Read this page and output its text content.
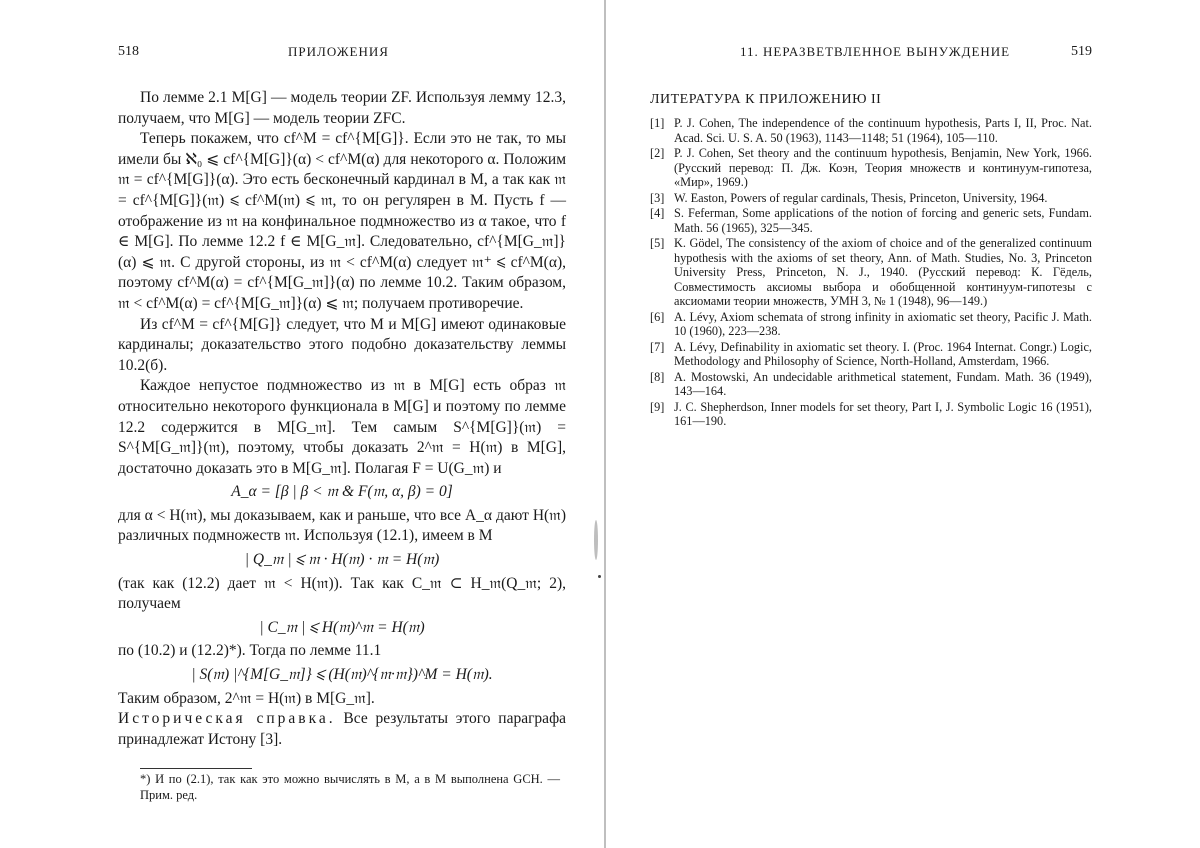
518	ПРИЛОЖЕНИЯ

По лемме 2.1 M[G] — модель теории ZF. Используя лемму 12.3, получаем, что M[G] — модель теории ZFC.

Теперь покажем, что cf^M = cf^{M[G]}. Если это не так, то мы имели бы ℵ₀ ⩽ cf^{M[G]}(α) < cf^M(α) для некоторого α. Положим 𝔪 = cf^{M[G]}(α). Это есть бесконечный кардинал в M, а так как 𝔪 = cf^{M[G]}(𝔪) ⩽ cf^M(𝔪) ⩽ 𝔪, то он регулярен в M. Пусть f — отображение из 𝔪 на конфинальное подмножество из α такое, что f ∈ M[G]. По лемме 12.2 f ∈ M[G_𝔪]. Следовательно, cf^{M[G_𝔪]}(α) ⩽ 𝔪. С другой стороны, из 𝔪 < cf^M(α) следует 𝔪⁺ ⩽ cf^M(α), поэтому cf^M(α) = cf^{M[G_𝔪]}(α) по лемме 10.2. Таким образом, 𝔪 < cf^M(α) = cf^{M[G_𝔪]}(α) ⩽ 𝔪; получаем противоречие.

Из cf^M = cf^{M[G]} следует, что M и M[G] имеют одинаковые кардиналы; доказательство этого подобно доказательству леммы 10.2(б).

Каждое непустое подмножество из 𝔪 в M[G] есть образ 𝔪 относительно некоторого функционала в M[G] и поэтому по лемме 12.2 содержится в M[G_𝔪]. Тем самым S^{M[G]}(𝔪) = S^{M[G_𝔪]}(𝔪), поэтому, чтобы доказать 2^𝔪 = H(𝔪) в M[G], достаточно доказать это в M[G_𝔪]. Полагая F = U(G_𝔪) и

A_α = [β | β < 𝔪 & F(𝔪, α, β) = 0]

для α < H(𝔪), мы доказываем, как и раньше, что все A_α дают H(𝔪) различных подмножеств 𝔪. Используя (12.1), имеем в M

| Q_𝔪 | ⩽ 𝔪 · H(𝔪) · 𝔪 = H(𝔪)

(так как (12.2) дает 𝔪 < H(𝔪)). Так как C_𝔪 ⊂ H_𝔪(Q_𝔪; 2), получаем

| C_𝔪 | ⩽ H(𝔪)^𝔪 = H(𝔪)

по (10.2) и (12.2)*). Тогда по лемме 11.1

| S(𝔪) |^{M[G_𝔪]} ⩽ (H(𝔪)^{𝔪·𝔪})^M = H(𝔪).

Таким образом, 2^𝔪 = H(𝔪) в M[G_𝔪].

Историческая справка. Все результаты этого параграфа принадлежат Истону [3].

*) И по (2.1), так как это можно вычислять в M, а в M выполнена GCH. — Прим. ред.
11. НЕРАЗВЕТВЛЕННОЕ ВЫНУЖДЕНИЕ	519
ЛИТЕРАТУРА К ПРИЛОЖЕНИЮ II
[1] P. J. Cohen, The independence of the continuum hypothesis, Parts I, II, Proc. Nat. Acad. Sci. U. S. A. 50 (1963), 1143—1148; 51 (1964), 105—110.
[2] P. J. Cohen, Set theory and the continuum hypothesis, Benjamin, New York, 1966. (Русский перевод: П. Дж. Коэн, Теория множеств и континуум-гипотеза, «Мир», 1969.)
[3] W. Easton, Powers of regular cardinals, Thesis, Princeton, University, 1964.
[4] S. Feferman, Some applications of the notion of forcing and generic sets, Fundam. Math. 56 (1965), 325—345.
[5] K. Gödel, The consistency of the axiom of choice and of the generalized continuum hypothesis with the axioms of set theory, Ann. of Math. Studies, No. 3, Princeton University Press, Princeton, N. J., 1940. (Русский перевод: К. Гёдель, Совместимость аксиомы выбора и обобщенной континуум-гипотезы с аксиомами теории множеств, УМН 3, № 1 (1948), 96—149.)
[6] A. Lévy, Axiom schemata of strong infinity in axiomatic set theory, Pacific J. Math. 10 (1960), 223—238.
[7] A. Lévy, Definability in axiomatic set theory. I. (Proc. 1964 Internat. Congr.) Logic, Methodology and Philosophy of Science, North-Holland, Amsterdam, 1966.
[8] A. Mostowski, An undecidable arithmetical statement, Fundam. Math. 36 (1949), 143—164.
[9] J. C. Shepherdson, Inner models for set theory, Part I, J. Symbolic Logic 16 (1951), 161—190.
